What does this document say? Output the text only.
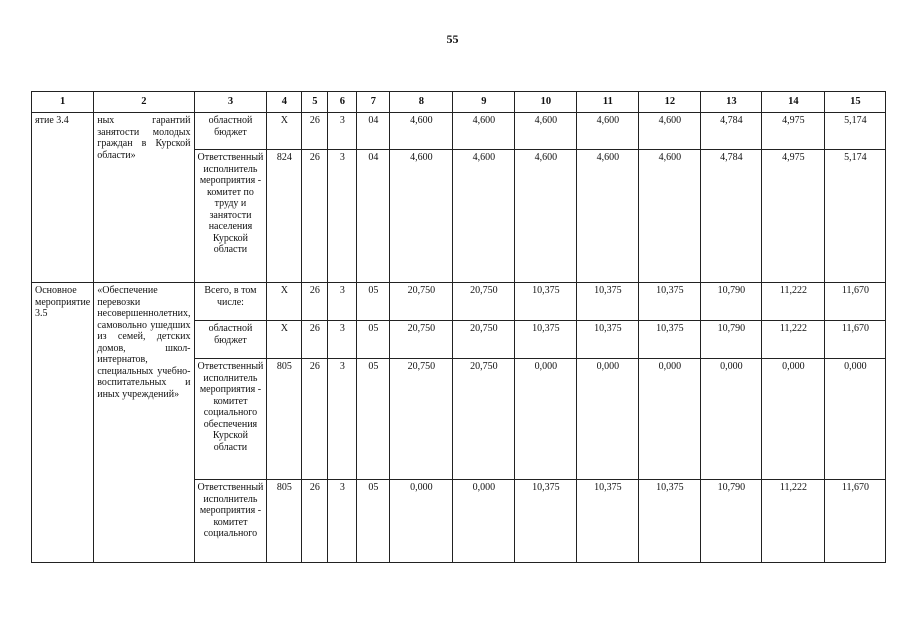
55
1	2	3	4	5	6	7	8	9	10	11	12	13	14	15
ятие 3.4	ных гарантий занятости молодых граждан в Курской области»	областной бюджет	X	26	3	04	4,600	4,600	4,600	4,600	4,600	4,784	4,975	5,174
		Ответственный исполнитель мероприятия - комитет по труду и занятости населения Курской области	824	26	3	04	4,600	4,600	4,600	4,600	4,600	4,784	4,975	5,174
Основное мероприятие 3.5	«Обеспечение перевозки несовершеннолетних, самовольно ушедших из семей, детских домов, школ-интернатов, специальных учебно-воспитательных и иных учреждений»	Всего, в том числе:	X	26	3	05	20,750	20,750	10,375	10,375	10,375	10,790	11,222	11,670
		областной бюджет	X	26	3	05	20,750	20,750	10,375	10,375	10,375	10,790	11,222	11,670
		Ответственный исполнитель мероприятия - комитет социального обеспечения Курской области	805	26	3	05	20,750	20,750	0,000	0,000	0,000	0,000	0,000	0,000
		Ответственный исполнитель мероприятия - комитет социального	805	26	3	05	0,000	0,000	10,375	10,375	10,375	10,790	11,222	11,670
